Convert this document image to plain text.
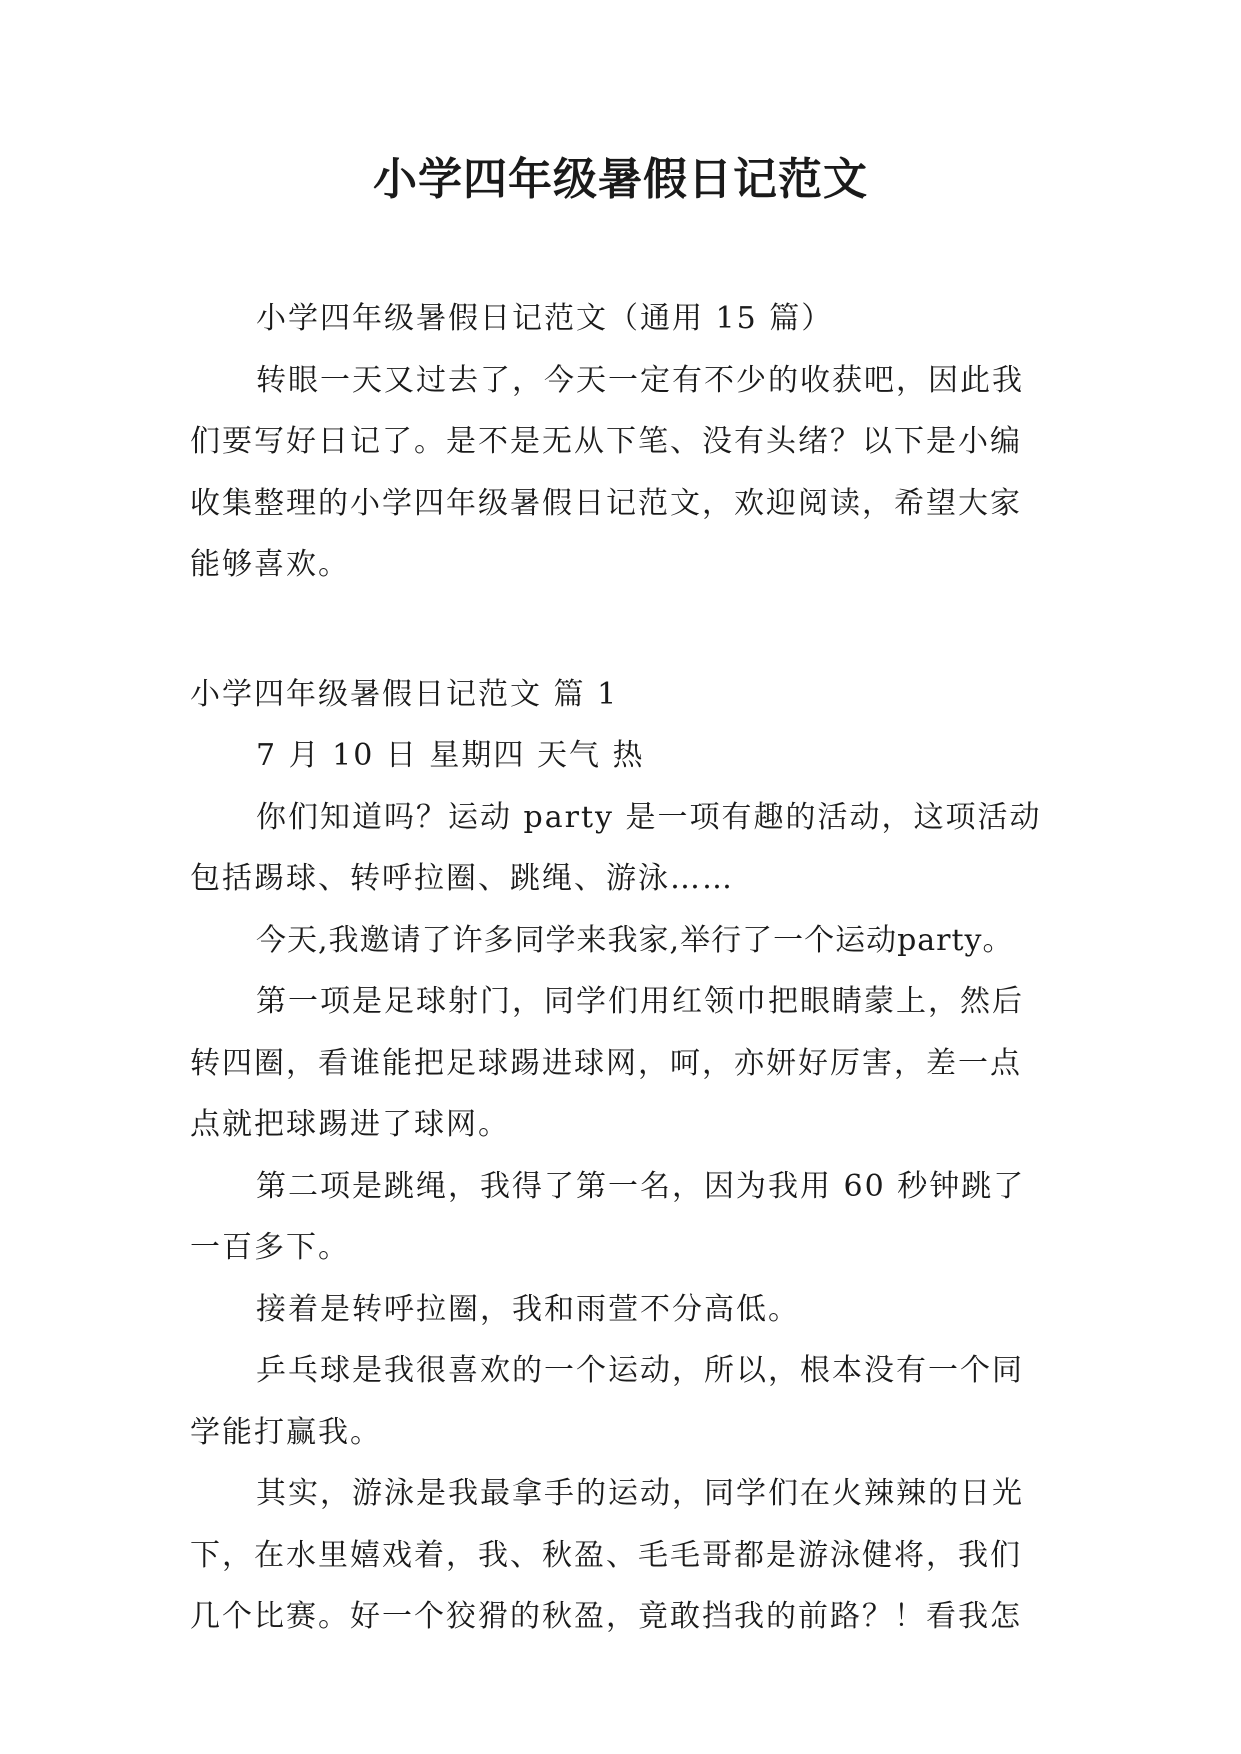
小学四年级暑假日记范文

小学四年级暑假日记范文（通用 15 篇）

转眼一天又过去了，今天一定有不少的收获吧，因此我

们要写好日记了。是不是无从下笔、没有头绪？以下是小编
收集整理的小学四年级暑假日记范文，欢迎阅读，希望大家
能够喜欢。

小学四年级暑假日记范文 篇 1

7 月 10 日 星期四 天气 热

你们知道吗？运动 party 是一项有趣的活动，这项活动

包括踢球、转呼拉圈、跳绳、游泳……

今天,我邀请了许多同学来我家,举行了一个运动party。

第一项是足球射门，同学们用红领巾把眼睛蒙上，然后

转四圈，看谁能把足球踢进球网，呵，亦妍好厉害，差一点
点就把球踢进了球网。

第二项是跳绳，我得了第一名，因为我用 60 秒钟跳了

一百多下。

接着是转呼拉圈，我和雨萱不分高低。

乒乓球是我很喜欢的一个运动，所以，根本没有一个同

学能打赢我。

其实，游泳是我最拿手的运动，同学们在火辣辣的日光

下，在水里嬉戏着，我、秋盈、毛毛哥都是游泳健将，我们
几个比赛。好一个狡猾的秋盈，竟敢挡我的前路？！看我怎
